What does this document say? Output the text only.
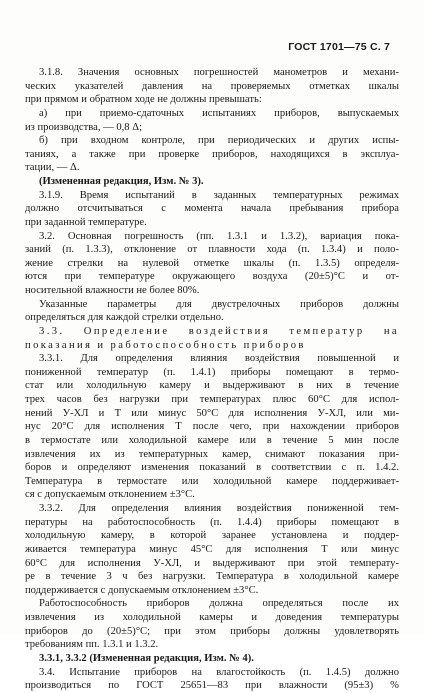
ГОСТ 1701—75 С. 7
3.1.8. Значения основных погрешностей манометров и механи-
ческих указателей давления на проверяемых отметках шкалы
при прямом и обратном ходе не должны превышать:
а) при приемо-сдаточных испытаниях приборов, выпускаемых
из производства, — 0,8 Δ;
б) при входном контроле, при периодических и других испы-
таниях, а также при проверке приборов, находящихся в эксплуа-
тации, — Δ.
(Измененная редакция, Изм. № 3).
3.1.9. Время испытаний в заданных температурных режимах
должно отсчитываться с момента начала пребывания прибора
при заданной температуре.
3.2. Основная погрешность (пп. 1.3.1 и 1.3.2), вариация пока-
заний (п. 1.3.3), отклонение от плавности хода (п. 1.3.4) и поло-
жение стрелки на нулевой отметке шкалы (п. 1.3.5) определя-
ются при температуре окружающего воздуха (20±5)°С и от-
носительной влажности не более 80%.
Указанные параметры для двустрелочных приборов должны
определяться для каждой стрелки отдельно.
3.3. Определение воздействия температур на
показания и работоспособность приборов
3.3.1. Для определения влияния воздействия повышенной и
пониженной температур (п. 1.4.1) приборы помещают в термо-
стат или холодильную камеру и выдерживают в них в течение
трех часов без нагрузки при температурах плюс 60°С для испол-
нений У-ХЛ и Т или минус 50°С для исполнения У-ХЛ, или ми-
нус 20°С для исполнения Т после чего, при нахождении приборов
в термостате или холодильной камере или в течение 5 мин после
извлечения их из температурных камер, снимают показания при-
боров и определяют изменения показаний в соответствии с п. 1.4.2.
Температура в термостате или холодильной камере поддерживает-
ся с допускаемым отклонением ±3°С.
3.3.2. Для определения влияния воздействия пониженной тем-
пературы на работоспособность (п. 1.4.4) приборы помещают в
холодильную камеру, в которой заранее установлена и поддер-
живается температура минус 45°С для исполнения Т или минус
60°С для исполнения У-ХЛ, и выдерживают при этой температу-
ре в течение 3 ч без нагрузки. Температура в холодильной камере
поддерживается с допускаемым отклонением ±3°С.
Работоспособность приборов должна определяться после их
извлечения из холодильной камеры и доведения температуры
приборов до (20±5)°С; при этом приборы должны удовлетворять
требованиям пп. 1.3.1 и 1.3.2.
3.3.1, 3.3.2 (Измененная редакция, Изм. № 4).
3.4. Испытание приборов на влагостойкость (п. 1.4.5) должно
производиться по ГОСТ 25651—83 при влажности (95±3) %
